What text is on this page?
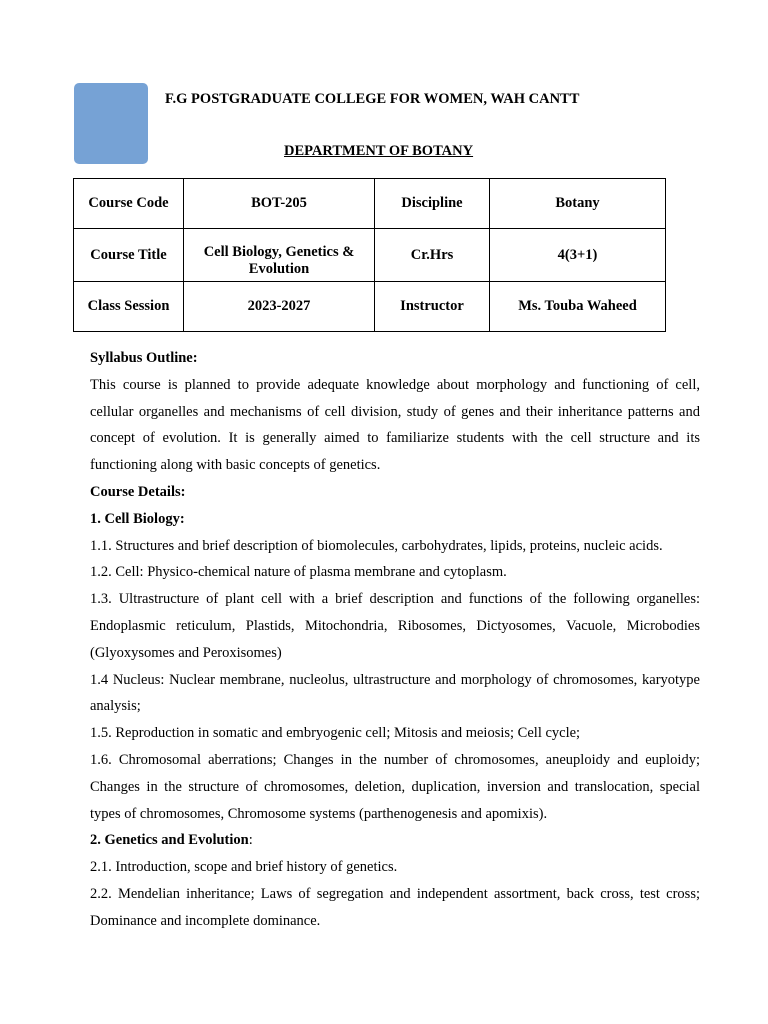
F.G POSTGRADUATE COLLEGE FOR WOMEN, WAH CANTT
DEPARTMENT OF BOTANY
Course Code	BOT-205	Discipline	Botany
Course Title	Cell Biology, Genetics & Evolution	Cr.Hrs	4(3+1)
Class Session	2023-2027	Instructor	Ms. Touba Waheed

Syllabus Outline:

This course is planned to provide adequate knowledge about morphology and functioning of cell, cellular organelles and mechanisms of cell division, study of genes and their inheritance patterns and concept of evolution. It is generally aimed to familiarize students with the cell structure and its functioning along with basic concepts of genetics.

Course Details:

1. Cell Biology:

1.1. Structures and brief description of biomolecules, carbohydrates, lipids, proteins, nucleic acids.

1.2. Cell: Physico-chemical nature of plasma membrane and cytoplasm.

1.3. Ultrastructure of plant cell with a brief description and functions of the following organelles: Endoplasmic reticulum, Plastids, Mitochondria, Ribosomes, Dictyosomes, Vacuole, Microbodies (Glyoxysomes and Peroxisomes)

1.4 Nucleus: Nuclear membrane, nucleolus, ultrastructure and morphology of chromosomes, karyotype analysis;

1.5. Reproduction in somatic and embryogenic cell; Mitosis and meiosis; Cell cycle;

1.6. Chromosomal aberrations; Changes in the number of chromosomes, aneuploidy and euploidy; Changes in the structure of chromosomes, deletion, duplication, inversion and translocation, special types of chromosomes, Chromosome systems (parthenogenesis and apomixis).

2. Genetics and Evolution:

2.1. Introduction, scope and brief history of genetics.

2.2. Mendelian inheritance; Laws of segregation and independent assortment, back cross, test cross; Dominance and incomplete dominance.
